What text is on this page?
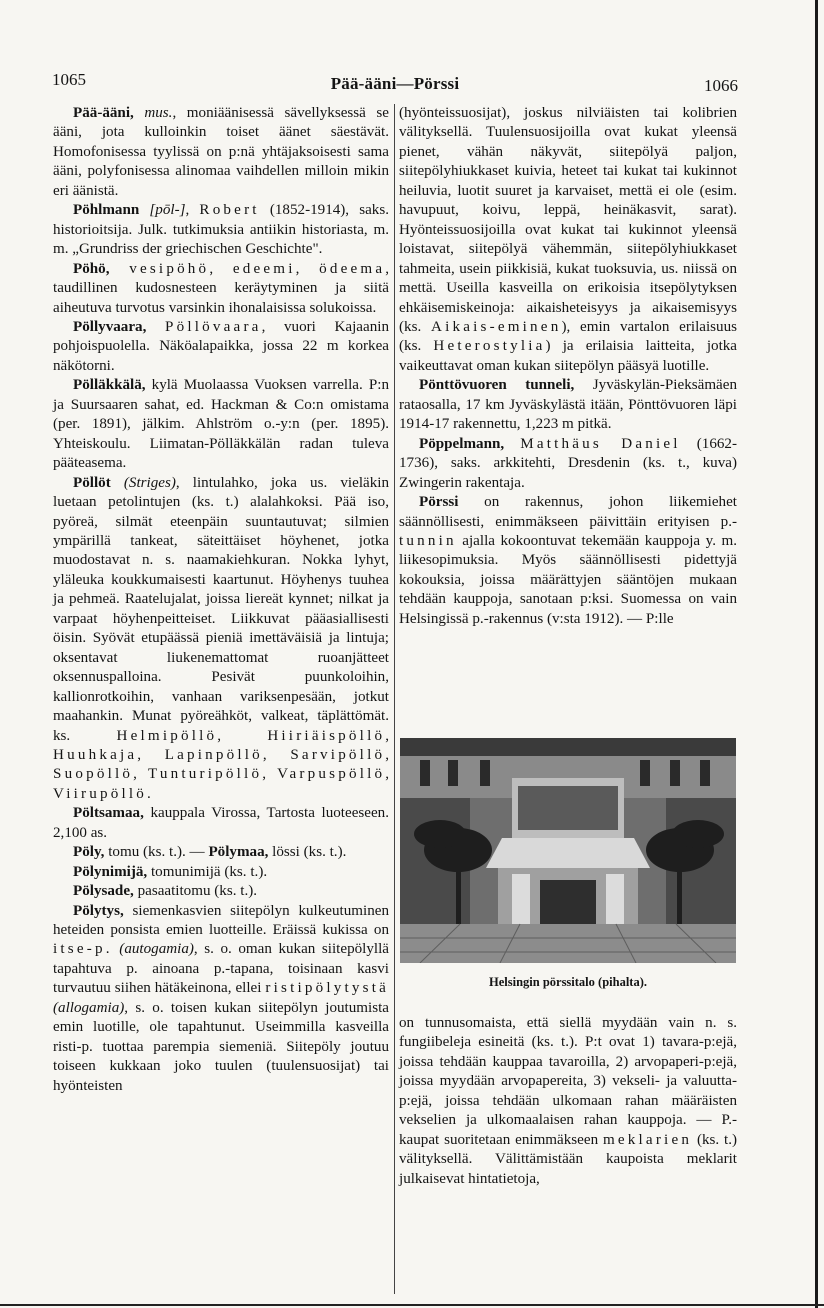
1065	Pää-ääni—Pörssi	1066

Pää-ääni, mus., moniäänisessä sävellyksessä se ääni, jota kulloinkin toiset äänet säestävät. Homofonisessa tyylissä on p:nä yhtäjaksoisesti sama ääni, polyfonisessa alinomaa vaihdellen milloin mikin eri äänistä.

Pöhlmann [pōl-], Robert (1852-1914), saks. historioitsija. Julk. tutkimuksia antiikin historiasta, m. m. „Grundriss der griechischen Geschichte".

Pöhö, vesipöhö, edeemi, ödeema, taudillinen kudosnesteen keräytyminen ja siitä aiheutuva turvotus varsinkin ihonalaisissa solukoissa.

Pöllyvaara, Pöllövaara, vuori Kajaanin pohjoispuolella. Näköalapaikka, jossa 22 m korkea näkötorni.

Pölläkkälä, kylä Muolaassa Vuoksen varrella. P:n ja Suursaaren sahat, ed. Hackman & Co:n omistama (per. 1891), jälkim. Ahlström o.-y:n (per. 1895). Yhteiskoulu. Liimatan-Pölläkkälän radan tuleva pääteasema.

Pöllöt (Striges), lintulahko, joka us. vieläkin luetaan petolintujen (ks. t.) alalahkoksi. Pää iso, pyöreä, silmät eteenpäin suuntautuvat; silmien ympärillä tankeat, säteittäiset höyhenet, jotka muodostavat n. s. naamakiehkuran. Nokka lyhyt, yläleuka koukkumaisesti kaartunut. Höyhenys tuuhea ja pehmeä. Raatelujalat, joissa liereät kynnet; nilkat ja varpaat höyhenpeitteiset. Liikkuvat pääasiallisesti öisin. Syövät etupäässä pieniä imettäväisiä ja lintuja; oksentavat liukenemattomat ruoanjätteet oksennuspalloina. Pesivät puunkoloihin, kallionrotkoihin, vanhaan variksenpesään, jotkut maahankin. Munat pyöreähköt, valkeat, täplättömät. ks. Helmipöllö, Hiiriäispöllö, Huuhkaja, Lapinpöllö, Sarvipöllö, Suopöllö, Tunturipöllö, Varpuspöllö, Viirupöllö.

Pöltsamaa, kauppala Virossa, Tartosta luoteeseen. 2,100 as.

Pöly, tomu (ks. t.). — Pölymaa, lössi (ks. t.).

Pölynimijä, tomunimijä (ks. t.).

Pölysade, pasaatitomu (ks. t.).

Pölytys, siemenkasvien siitepölyn kulkeutuminen heteiden ponsista emien luotteille. Eräissä kukissa on itse-p. (autogamia), s. o. oman kukan siitepölyllä tapahtuva p. ainoana p.-tapana, toisinaan kasvi turvautuu siihen hätäkeinona, ellei ristipölytystä (allogamia), s. o. toisen kukan siitepölyn joutumista emin luotille, ole tapahtunut. Useimmilla kasveilla risti-p. tuottaa parempia siemeniä. Siitepöly joutuu toiseen kukkaan joko tuulen (tuulensuosijat) tai hyönteisten

(hyönteissuosijat), joskus nilviäisten tai kolibrien välityksellä. Tuulensuosijoilla ovat kukat yleensä pienet, vähän näkyvät, siitepölyä paljon, siitepölyhiukkaset kuivia, heteet tai kukat tai kukinnot heiluvia, luotit suuret ja karvaiset, mettä ei ole (esim. havupuut, koivu, leppä, heinäkasvit, sarat). Hyönteissuosijoilla ovat kukat tai kukinnot yleensä loistavat, siitepölyä vähemmän, siitepölyhiukkaset tahmeita, usein piikkisiä, kukat tuoksuvia, us. niissä on mettä. Useilla kasveilla on erikoisia itsepölytyksen ehkäisemiskeinoja: aikaisheteisyys ja aikaisemisyys (ks. Aikais-eminen), emin vartalon erilaisuus (ks. Heterostylia) ja erilaisia laitteita, jotka vaikeuttavat oman kukan siitepölyn pääsyä luotille.

Pönttövuoren tunneli, Jyväskylän-Pieksämäen rataosalla, 17 km Jyväskylästä itään, Pönttövuoren läpi 1914-17 rakennettu, 1,223 m pitkä.

Pöppelmann, Matthäus Daniel (1662-1736), saks. arkkitehti, Dresdenin (ks. t., kuva) Zwingerin rakentaja.

Pörssi on rakennus, johon liikemiehet säännöllisesti, enimmäkseen päivittäin erityisen p.-tunnin ajalla kokoontuvat tekemään kauppoja y. m. liikesopimuksia. Myös säännöllisesti pidettyjä kokouksia, joissa määrättyjen sääntöjen mukaan tehdään kauppoja, sanotaan p:ksi. Suomessa on vain Helsingissä p.-rakennus (v:sta 1912). — P:lle

Helsingin pörssitalo (pihalta).

on tunnusomaista, että siellä myydään vain n. s. fungiibeleja esineitä (ks. t.). P:t ovat 1) tavara-p:ejä, joissa tehdään kauppaa tavaroilla, 2) arvopaperi-p:ejä, joissa myydään arvopapereita, 3) vekseli- ja valuutta-p:ejä, joissa tehdään ulkomaan rahan määräisten vekselien ja ulkomaalaisen rahan kauppoja. — P.-kaupat suoritetaan enimmäkseen meklarien (ks. t.) välityksellä. Välittämistään kaupoista meklarit julkaisevat hintatietoja,
